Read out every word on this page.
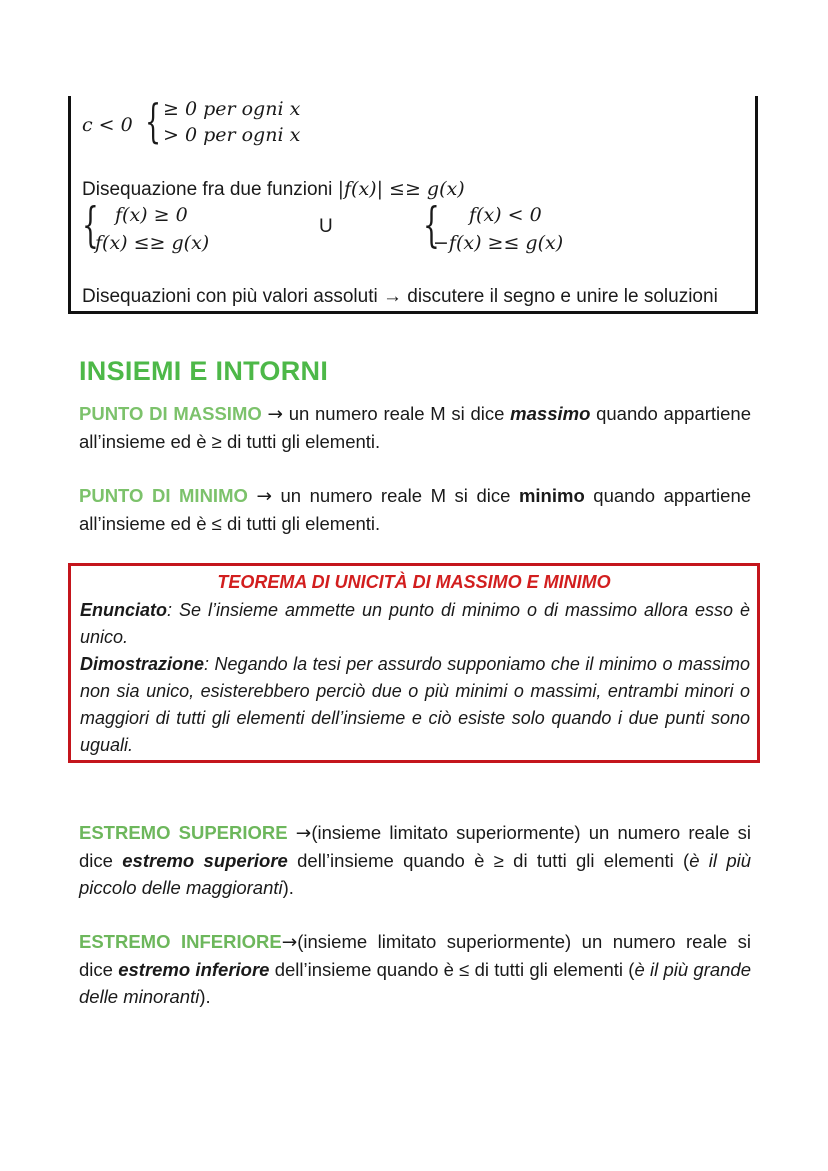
c < 0 { ≥ 0 per ogni x
> 0 per ogni x
Disequazione fra due funzioni |f(x)| ≤≥ g(x)
{ f(x) ≥ 0
f(x) ≤≥ g(x)
U { f(x) < 0
−f(x) ≥≤ g(x)
Disequazioni con più valori assoluti → discutere il segno e unire le soluzioni
INSIEMI E INTORNI

PUNTO DI MASSIMO → un numero reale M si dice massimo quando appartiene all’insieme ed è ≥ di tutti gli elementi.

PUNTO DI MINIMO → un numero reale M si dice minimo quando appartiene all’insieme ed è ≤ di tutti gli elementi.

TEOREMA DI UNICITÀ DI MASSIMO E MINIMO

Enunciato: Se l’insieme ammette un punto di minimo o di massimo allora esso è unico.
Dimostrazione: Negando la tesi per assurdo supponiamo che il minimo o massimo non sia unico, esisterebbero perciò due o più minimi o massimi, entrambi minori o maggiori di tutti gli elementi dell’insieme e ciò esiste solo quando i due punti sono uguali.

ESTREMO SUPERIORE →(insieme limitato superiormente) un numero reale si dice estremo superiore dell’insieme quando è ≥ di tutti gli elementi (è il più piccolo delle maggioranti).

ESTREMO INFERIORE→(insieme limitato superiormente) un numero reale si dice estremo inferiore dell’insieme quando è ≤ di tutti gli elementi (è il più grande delle minoranti).
